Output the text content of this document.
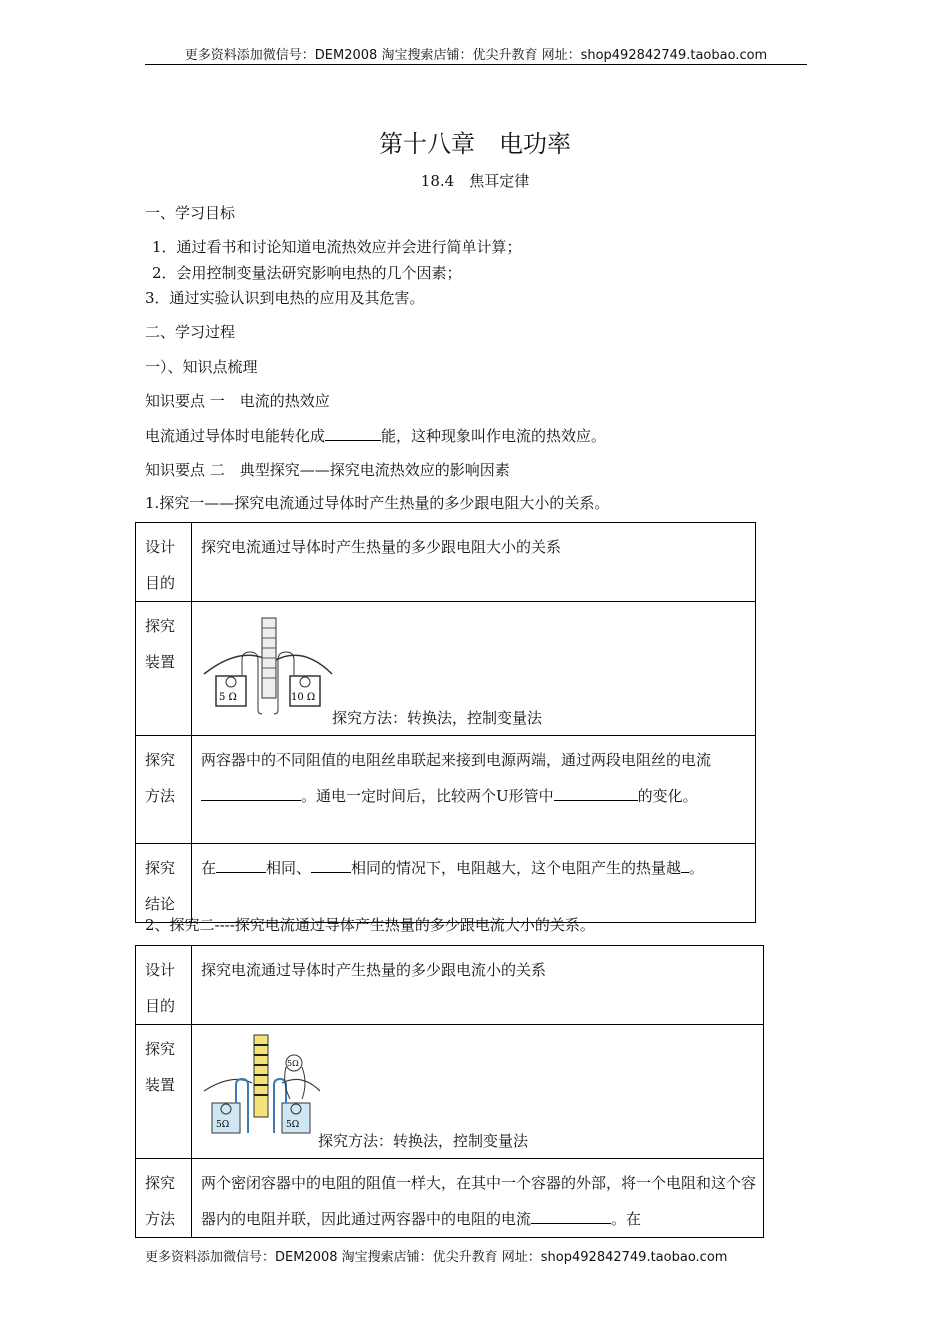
更多资料添加微信号：DEM2008 淘宝搜索店铺：优尖升教育 网址：shop492842749.taobao.com
第十八章　电功率
18.4　焦耳定律
一、学习目标
1．通过看书和讨论知道电流热效应并会进行简单计算；
2．会用控制变量法研究影响电热的几个因素；
3．通过实验认识到电热的应用及其危害。
二、学习过程
一）、知识点梳理
知识要点 一　电流的热效应
电流通过导体时电能转化成	能，这种现象叫作电流的热效应。
知识要点 二　典型探究——探究电流热效应的影响因素
1.探究一——探究电流通过导体时产生热量的多少跟电阻大小的关系。
设计目的	探究电流通过导体时产生热量的多少跟电阻大小的关系
探究装置	5 Ω 10 Ω
探究方法：转换法，控制变量法

探究方法	两容器中的不同阻值的电阻丝串联起来接到电源两端，通过两段电阻丝的电流。通电一定时间后，比较两个U形管中 的变化。
探究结论	在 相同、 相同的情况下，电阻越大，这个电阻产生的热量越 。
2、探究二----探究电流通过导体产生热量的多少跟电流大小的关系。
设计目的	探究电流通过导体时产生热量的多少跟电流小的关系
探究装置	5Ω
5Ω 5Ω
探究方法：转换法，控制变量法

探究方法	两个密闭容器中的电阻的阻值一样大，在其中一个容器的外部，将一个电阻和这个容器内的电阻并联，因此通过两容器中的电阻的电流 。在
更多资料添加微信号：DEM2008 淘宝搜索店铺：优尖升教育 网址：shop492842749.taobao.com
